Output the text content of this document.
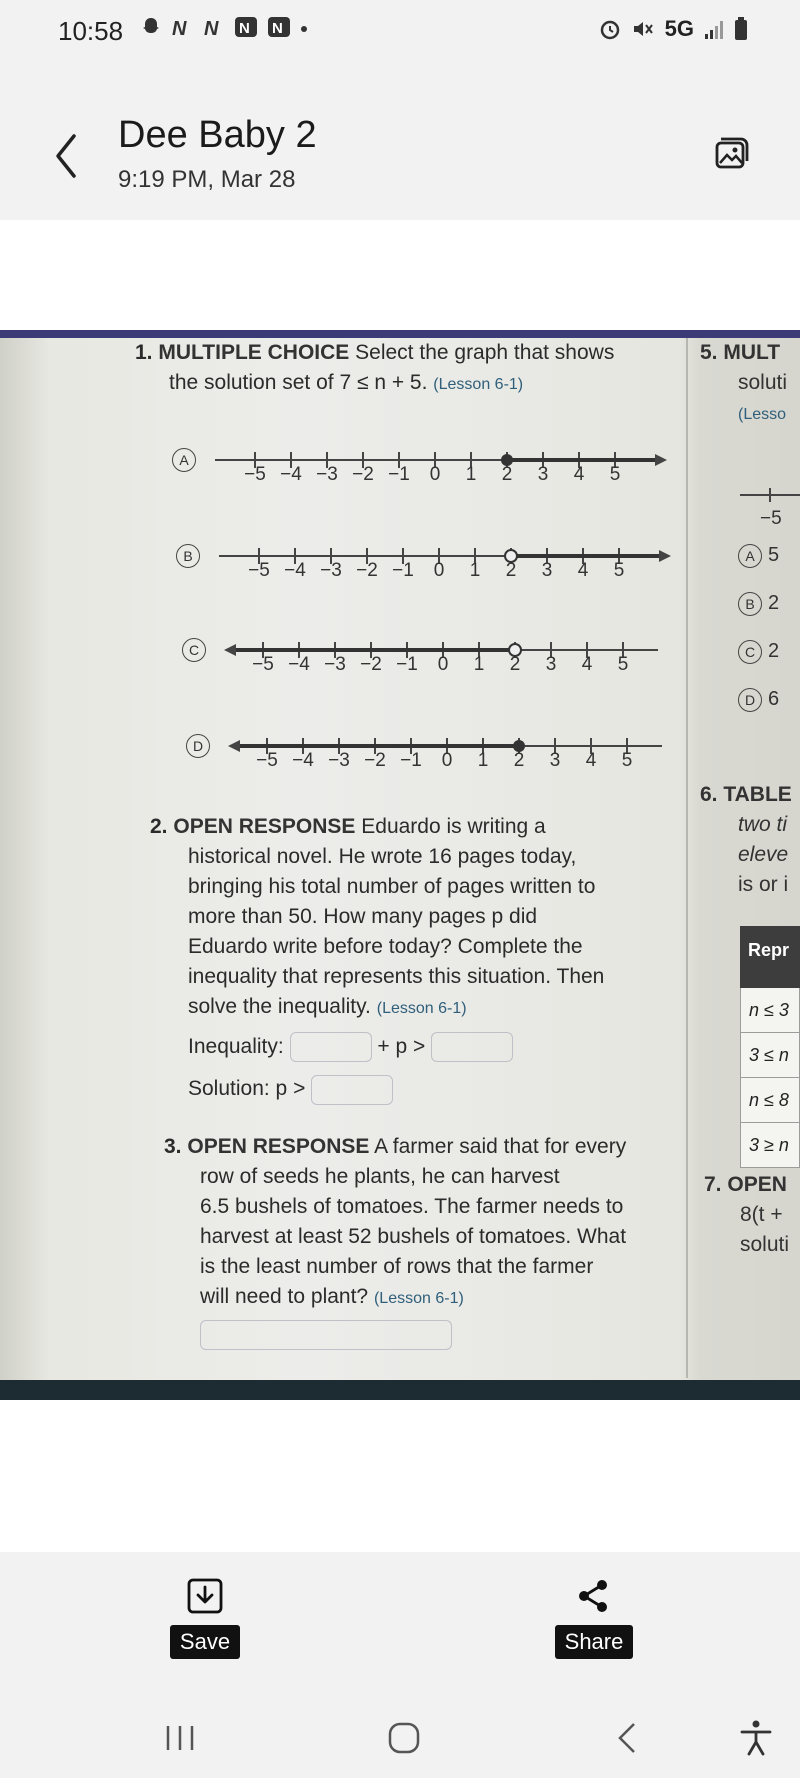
10:58
N
N
N
N
	5G
Dee Baby 2
9:19 PM, Mar 28
1. MULTIPLE CHOICE Select the graph that shows
the solution set of 7 ≤ n + 5. (Lesson 6-1)
A
−5 −4 −3 −2 −1	0	1	2	3	4	5
B
−5 −4 −3 −2 −1	0	1	2	3	4	5
C
−5 −4 −3 −2 −1	0	1	2	3	4	5
D
−5 −4 −3 −2 −1	0	1	2	3	4	5
2. OPEN RESPONSE Eduardo is writing a
historical novel. He wrote 16 pages today,
bringing his total number of pages written to
more than 50. How many pages p did
Eduardo write before today? Complete the
inequality that represents this situation. Then
solve the inequality. (Lesson 6-1)
Inequality:	+ p >
Solution: p >
3. OPEN RESPONSE A farmer said that for every
row of seeds he plants, he can harvest
6.5 bushels of tomatoes. The farmer needs to
harvest at least 52 bushels of tomatoes. What
is the least number of rows that the farmer
will need to plant? (Lesson 6-1)
5. MULT
soluti
(Lesso
−5
A 5
B 2
C 2
D 6
6. TABLE
two ti
eleve
is or i
Repr
n ≤ 3
3 ≤ n
n ≤ 8
3 ≥ n
7. OPEN
8(t +
soluti
Save	Share
